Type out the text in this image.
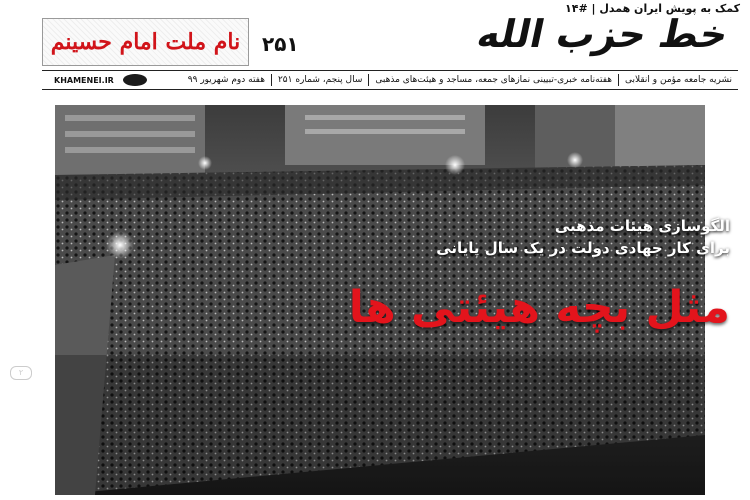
کمک به پویش ایران همدل | #۱۴
خط حزب الله
۲۵۱
نام ملت امام حسینم
نشریه جامعه مؤمن و انقلابی
هفته‌نامه خبری-تبیینی نمازهای جمعه، مساجد و هیئت‌های مذهبی
سال پنجم، شماره ۲۵۱
هفته دوم شهریور ۹۹
KHAMENEI.IR
الگوسازی هیئات مذهبی
برای کار جهادی دولت در یک سال پایانی
مثل بچه هیئتی ها
۲
